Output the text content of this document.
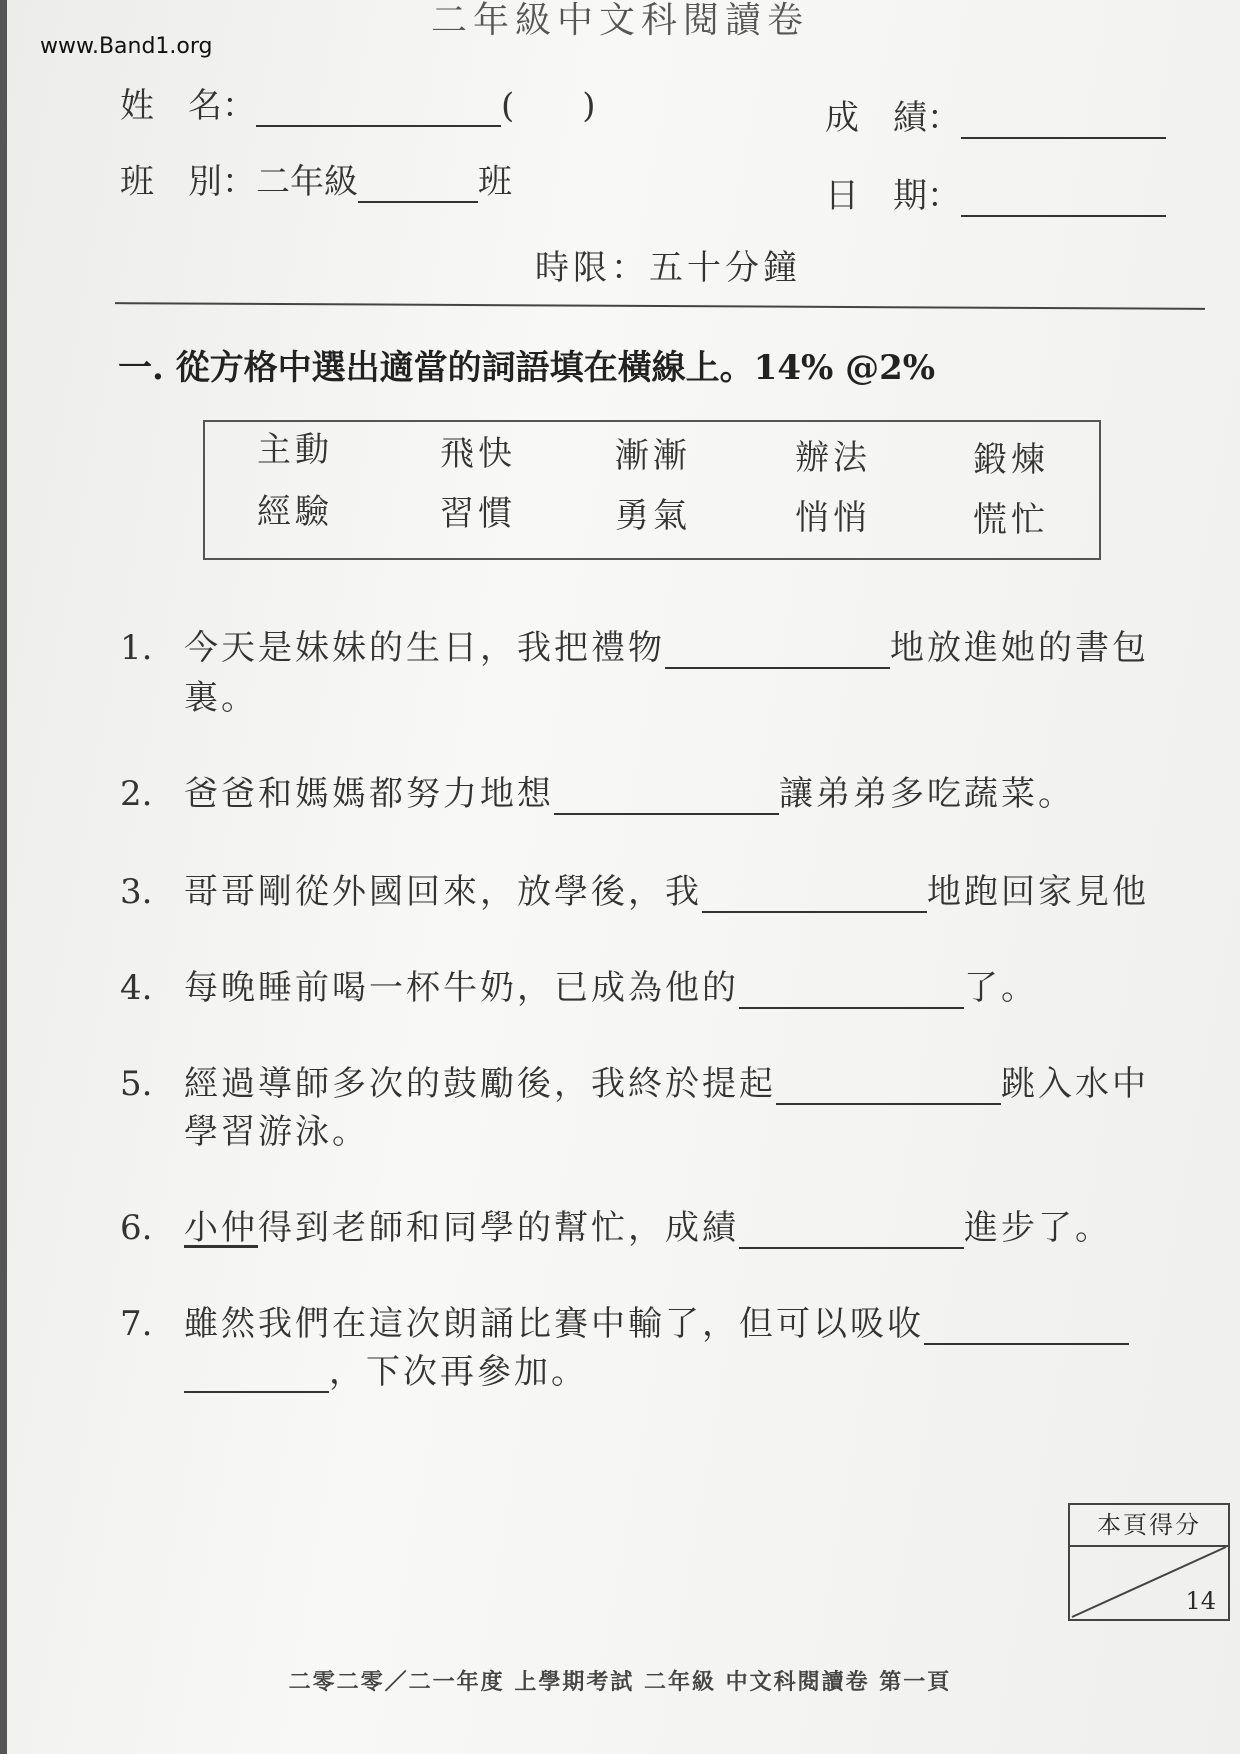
二年級中文科閱讀卷
www.Band1.org
姓　名：	(　　)	成　績：
班　別：二年級	班	日　期：
時限：五十分鐘
一. 從方格中選出適當的詞語填在橫線上。14% @2%
主動	飛快	漸漸	辦法	鍛煉
經驗	習慣	勇氣	悄悄	慌忙
1. 今天是妹妹的生日，我把禮物	地放進她的書包
裏。
2. 爸爸和媽媽都努力地想	讓弟弟多吃蔬菜。
3. 哥哥剛從外國回來，放學後，我	地跑回家見他
4. 每晚睡前喝一杯牛奶，已成為他的	了。
5. 經過導師多次的鼓勵後，我終於提起	跳入水中
學習游泳。
6. 小仲得到老師和同學的幫忙，成績	進步了。
7. 雖然我們在這次朗誦比賽中輸了，但可以吸收
，下次再參加。
本頁得分
14
二零二零／二一年度 上學期考試 二年級 中文科閱讀卷 第一頁
